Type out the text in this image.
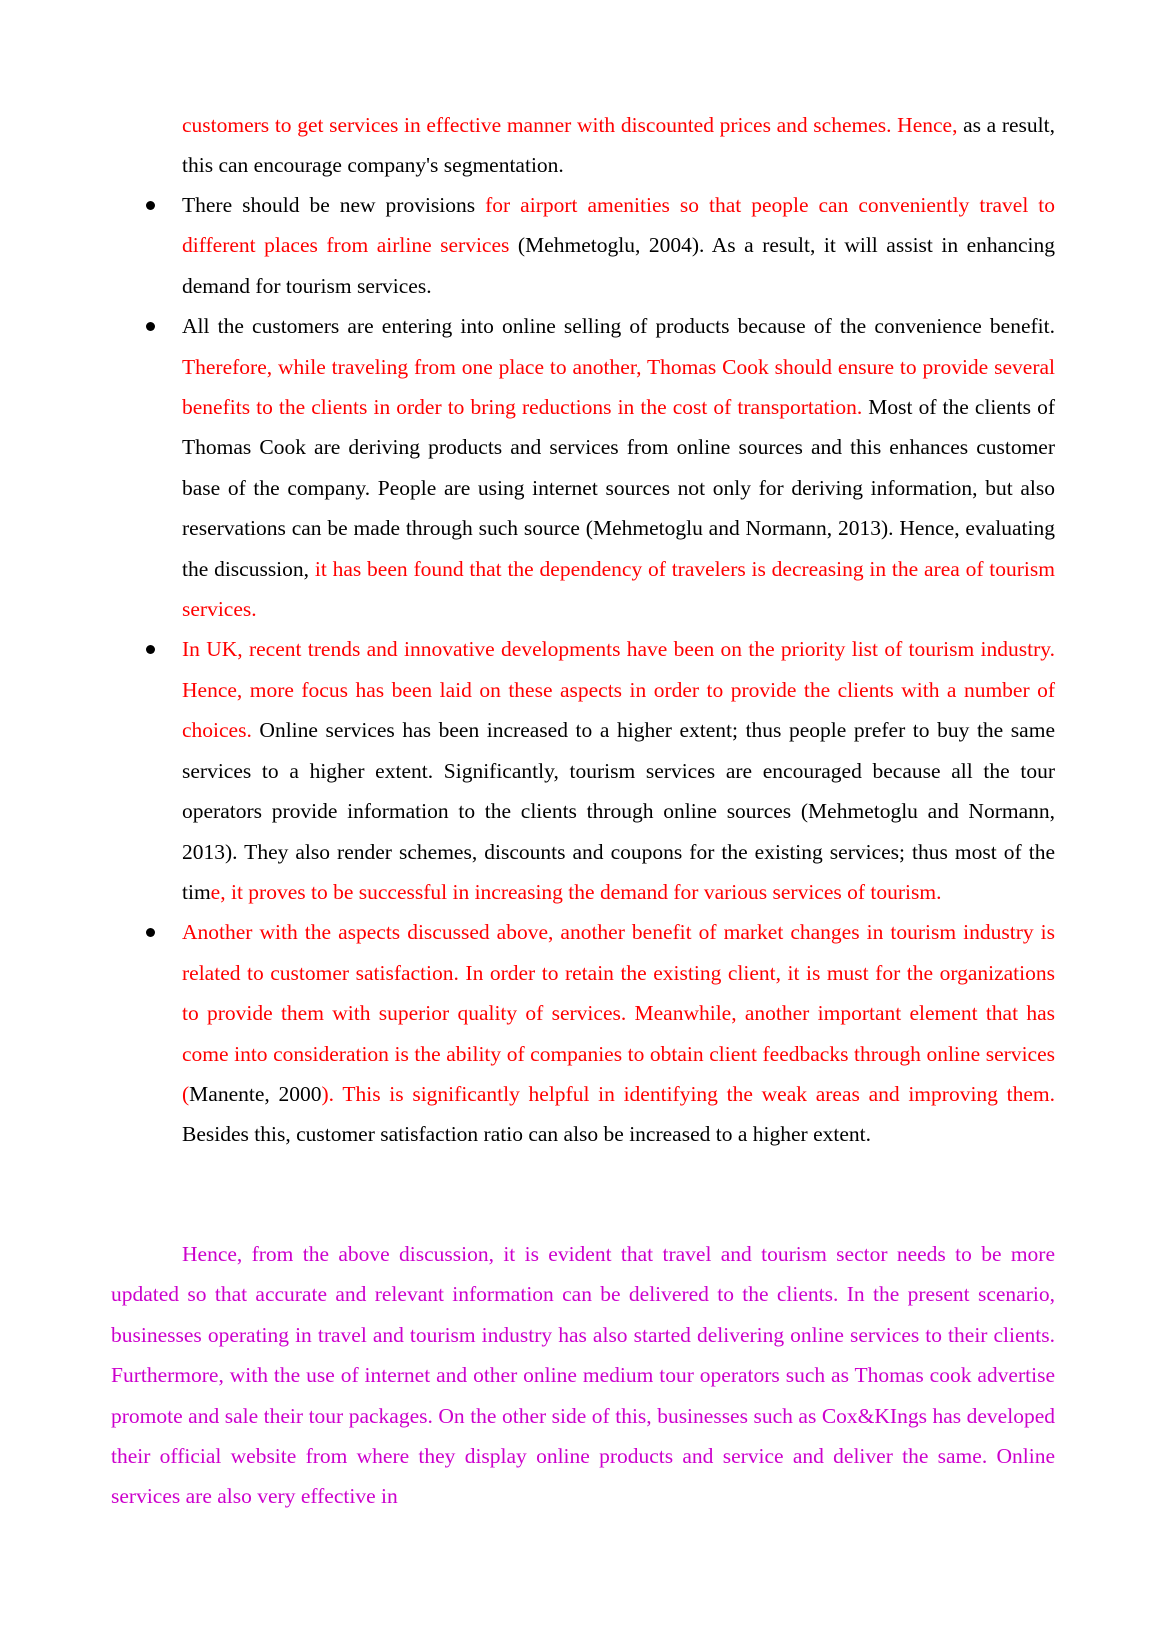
customers to get services in effective manner with discounted prices and schemes. Hence, as a result, this can encourage company's segmentation.

There should be new provisions for airport amenities so that people can conveniently travel to different places from airline services (Mehmetoglu, 2004). As a result, it will assist in enhancing demand for tourism services.
All the customers are entering into online selling of products because of the convenience benefit. Therefore, while traveling from one place to another, Thomas Cook should ensure to provide several benefits to the clients in order to bring reductions in the cost of transportation. Most of the clients of Thomas Cook are deriving products and services from online sources and this enhances customer base of the company. People are using internet sources not only for deriving information, but also reservations can be made through such source (Mehmetoglu and Normann, 2013). Hence, evaluating the discussion, it has been found that the dependency of travelers is decreasing in the area of tourism services.
In UK, recent trends and innovative developments have been on the priority list of tourism industry. Hence, more focus has been laid on these aspects in order to provide the clients with a number of choices. Online services has been increased to a higher extent; thus people prefer to buy the same services to a higher extent. Significantly, tourism services are encouraged because all the tour operators provide information to the clients through online sources (Mehmetoglu and Normann, 2013). They also render schemes, discounts and coupons for the existing services; thus most of the time, it proves to be successful in increasing the demand for various services of tourism.
Another with the aspects discussed above, another benefit of market changes in tourism industry is related to customer satisfaction. In order to retain the existing client, it is must for the organizations to provide them with superior quality of services. Meanwhile, another important element that has come into consideration is the ability of companies to obtain client feedbacks through online services (Manente, 2000). This is significantly helpful in identifying the weak areas and improving them. Besides this, customer satisfaction ratio can also be increased to a higher extent.

Hence, from the above discussion, it is evident that travel and tourism sector needs to be more updated so that accurate and relevant information can be delivered to the clients. In the present scenario, businesses operating in travel and tourism industry has also started delivering online services to their clients. Furthermore, with the use of internet and other online medium tour operators such as Thomas cook advertise promote and sale their tour packages. On the other side of this, businesses such as Cox&KIngs has developed their official website from where they display online products and service and deliver the same. Online services are also very effective in
